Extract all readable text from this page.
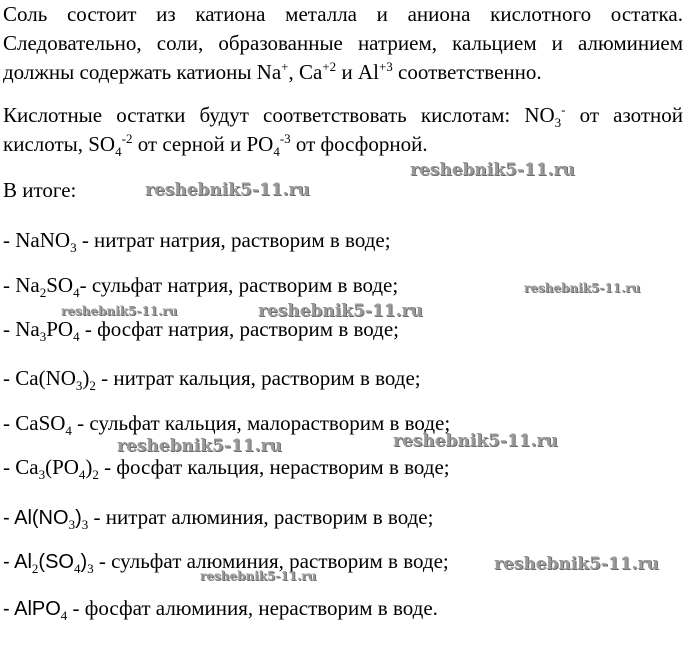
Соль состоит из катиона металла и аниона кислотного остатка.
Следовательно, соли, образованные натрием, кальцием и алюминием
должны содержать катионы Na+, $Ca^{+2}$ и $Al^{+3}$ соответственно.
Кислотные остатки будут соответствовать кислотам: $NO_3^-$ от азотной
кислоты, $SO_4^{-2}$ от серной и $PO_4^{-3}$ от фосфорной.
В итоге:
- NaNO$_3$ - нитрат натрия, растворим в воде;
- $Na_2SO_4-$ сульфат натрия, растворим в воде;
- $Na_3PO_4$ - фосфат натрия, растворим в воде;
- $Ca(NO_3)_2$ - нитрат кальция, растворим в воде;
- CaSO$_4$ - сульфат кальция, малорастворим в воде;
- $Ca_3(PO_4)_2$ - фосфат кальция, нерастворим в воде;
- $Al(NO_3)_3$ - нитрат алюминия, растворим в воде;
- $Al_2(SO_4)_3$ - сульфат алюминия, растворим в воде;
- AlPO$_4$ - фосфат алюминия, нерастворим в воде.
reshebnik5-11.ru
reshebnik5-11.ru
reshebnik5-11.ru
reshebnik5-11.ru	reshebnik5-11.ru
reshebnik5-11.ru	reshebnik5-11.ru
reshebnik5-11.ru
reshebnik5-11.ru
